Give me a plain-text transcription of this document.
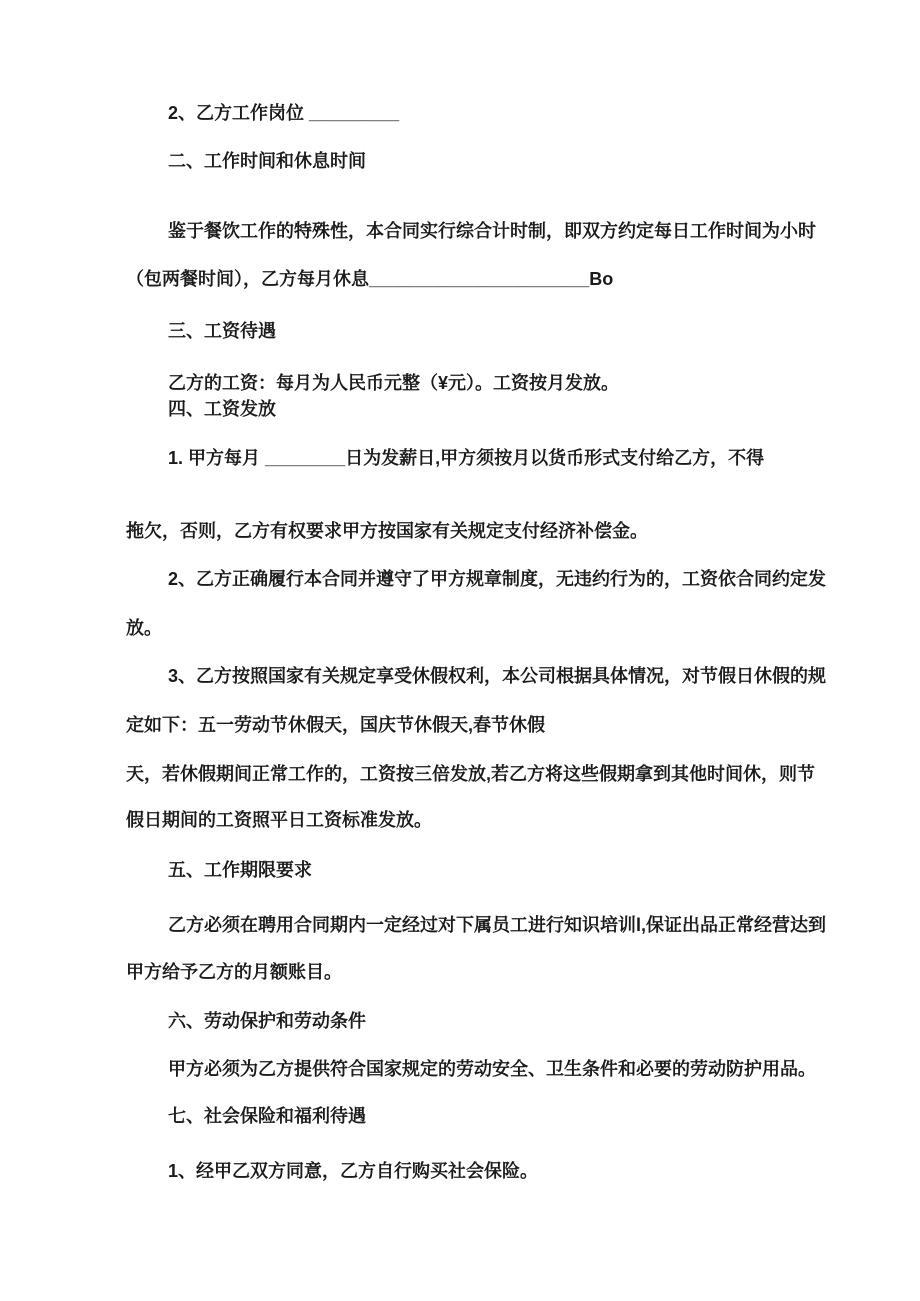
2、乙方工作岗位 _________
二、工作时间和休息时间
鉴于餐饮工作的特殊性，本合同实行综合计时制，即双方约定每日工作时间为小时
（包两餐时间），乙方每月休息______________________Bo
三、工资待遇
乙方的工资：每月为人民币元整（¥元）。工资按月发放。
四、工资发放
1. 甲方每月 ________日为发薪日,甲方须按月以货币形式支付给乙方，不得
拖欠，否则，乙方有权要求甲方按国家有关规定支付经济补偿金。
2、乙方正确履行本合同并遵守了甲方规章制度，无违约行为的，工资依合同约定发
放。
3、乙方按照国家有关规定享受休假权利，本公司根据具体情况，对节假日休假的规
定如下：五一劳动节休假天，国庆节休假天,春节休假
天，若休假期间正常工作的，工资按三倍发放,若乙方将这些假期拿到其他时间休，则节
假日期间的工资照平日工资标准发放。
五、工作期限要求
乙方必须在聘用合同期内一定经过对下属员工进行知识培训l,保证出品正常经营达到
甲方给予乙方的月额账目。
六、劳动保护和劳动条件
甲方必须为乙方提供符合国家规定的劳动安全、卫生条件和必要的劳动防护用品。
七、社会保险和福利待遇
1、经甲乙双方同意，乙方自行购买社会保险。
